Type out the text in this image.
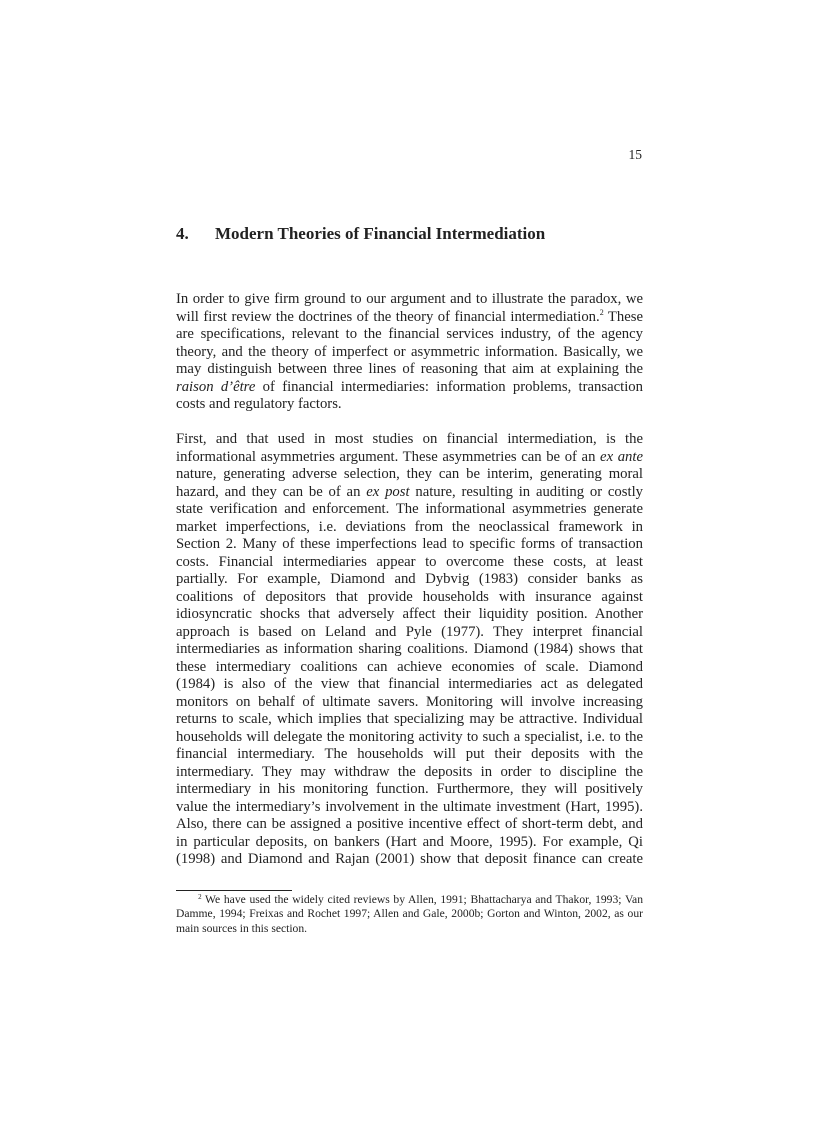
15
4. Modern Theories of Financial Intermediation
In order to give firm ground to our argument and to illustrate the paradox, we
will first review the doctrines of the theory of financial intermediation.$^2$ These
are specifications, relevant to the financial services industry, of the agency
theory, and the theory of imperfect or asymmetric information. Basically, we
may distinguish between three lines of reasoning that aim at explaining the
raison d’être of financial intermediaries: information problems, transaction
costs and regulatory factors.
First, and that used in most studies on financial intermediation, is the
informational asymmetries argument. These asymmetries can be of an ex ante
nature, generating adverse selection, they can be interim, generating moral
hazard, and they can be of an ex post nature, resulting in auditing or costly
state verification and enforcement. The informational asymmetries generate
market imperfections, i.e. deviations from the neoclassical framework in
Section 2. Many of these imperfections lead to specific forms of transaction
costs. Financial intermediaries appear to overcome these costs, at least
partially. For example, Diamond and Dybvig (1983) consider banks as
coalitions of depositors that provide households with insurance against
idiosyncratic shocks that adversely affect their liquidity position. Another
approach is based on Leland and Pyle (1977). They interpret financial
intermediaries as information sharing coalitions. Diamond (1984) shows that
these intermediary coalitions can achieve economies of scale. Diamond
(1984) is also of the view that financial intermediaries act as delegated
monitors on behalf of ultimate savers. Monitoring will involve increasing
returns to scale, which implies that specializing may be attractive. Individual
households will delegate the monitoring activity to such a specialist, i.e. to the
financial intermediary. The households will put their deposits with the
intermediary. They may withdraw the deposits in order to discipline the
intermediary in his monitoring function. Furthermore, they will positively
value the intermediary’s involvement in the ultimate investment (Hart, 1995).
Also, there can be assigned a positive incentive effect of short-term debt, and
in particular deposits, on bankers (Hart and Moore, 1995). For example, Qi
(1998) and Diamond and Rajan (2001) show that deposit finance can create
$^2$ We have used the widely cited reviews by Allen, 1991; Bhattacharya and Thakor, 1993; Van
Damme, 1994; Freixas and Rochet 1997; Allen and Gale, 2000b; Gorton and Winton, 2002, as our
main sources in this section.
